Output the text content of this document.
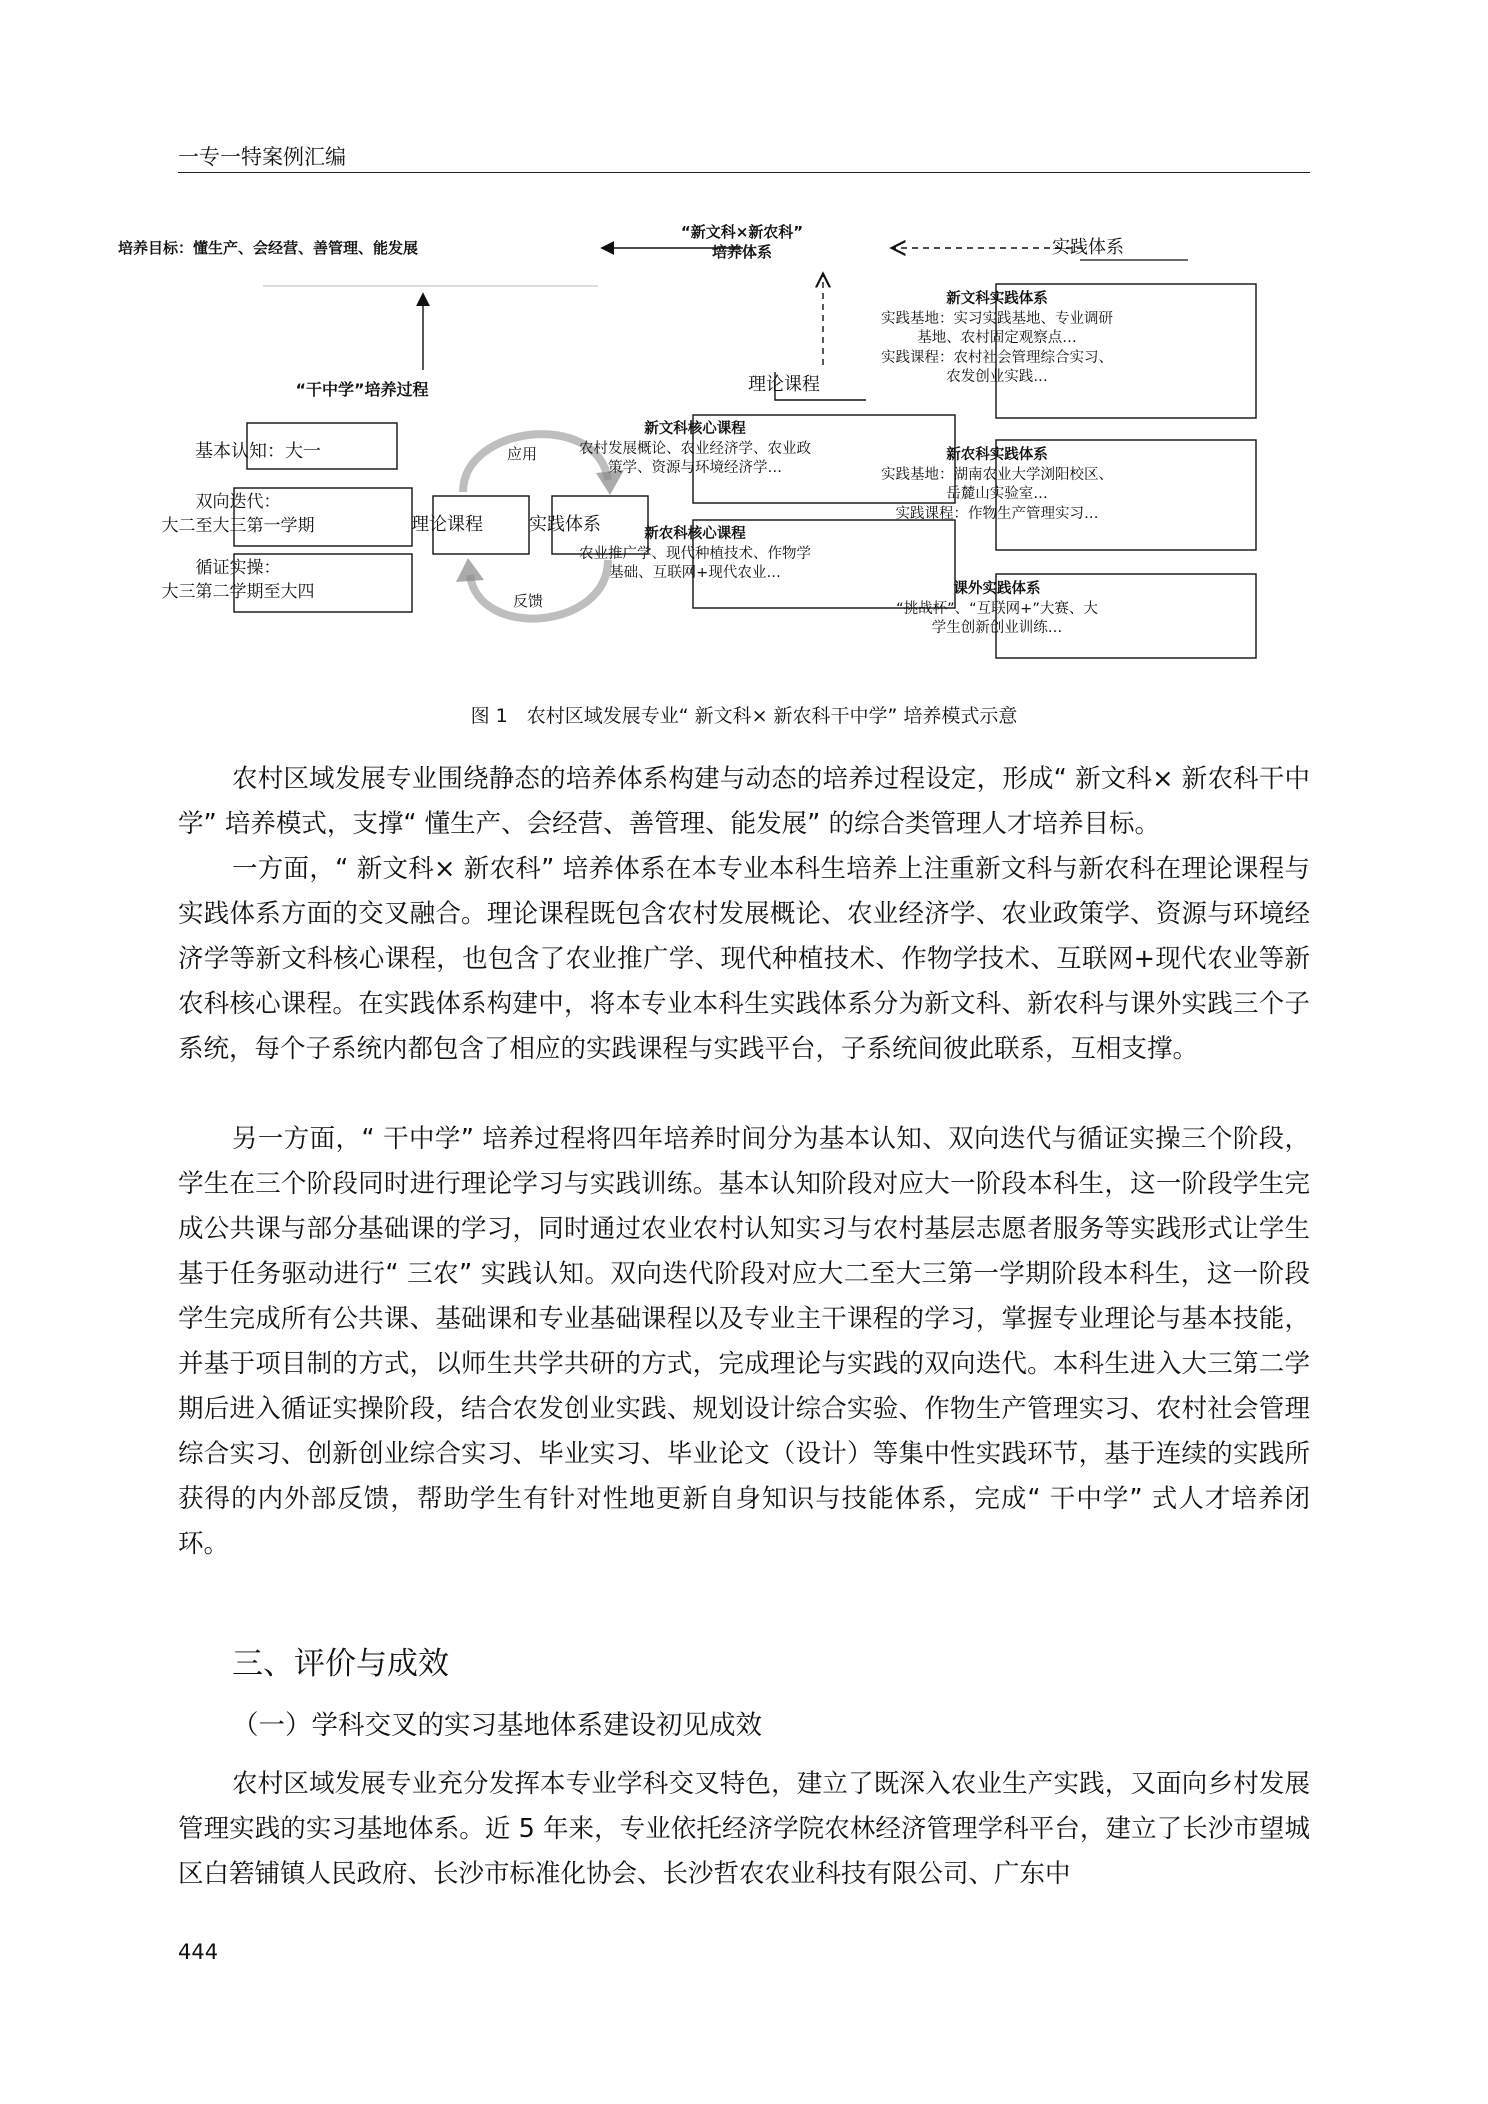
一专一特案例汇编
培养目标：懂生产、会经营、善管理、能发展
“新文科×新农科”
培养体系	实践体系
理论课程
“干中学”培养过程
基本认知：大一
双向迭代：
大二至大三第一学期
循证实操：
大三第二学期至大四
理论课程	实践体系
应用
反馈
新文科核心课程
农村发展概论、农业经济学、农业政
策学、资源与环境经济学…
新农科核心课程
农业推广学、现代种植技术、作物学
基础、互联网+现代农业…
新文科实践体系
实践基地：实习实践基地、专业调研
基地、农村固定观察点…
实践课程：农村社会管理综合实习、
农发创业实践…
新农科实践体系
实践基地：湖南农业大学浏阳校区、
岳麓山实验室…
实践课程：作物生产管理实习…
课外实践体系
“挑战杯”、“互联网+”大赛、大
学生创新创业训练…
图 1　农村区域发展专业“ 新文科× 新农科干中学” 培养模式示意

农村区域发展专业围绕静态的培养体系构建与动态的培养过程设定，形成“ 新文科× 新农科干中学” 培养模式，支撑“ 懂生产、会经营、善管理、能发展” 的综合类管理人才培养目标。

一方面，“ 新文科× 新农科” 培养体系在本专业本科生培养上注重新文科与新农科在理论课程与实践体系方面的交叉融合。理论课程既包含农村发展概论、农业经济学、农业政策学、资源与环境经济学等新文科核心课程，也包含了农业推广学、现代种植技术、作物学技术、互联网+现代农业等新农科核心课程。在实践体系构建中，将本专业本科生实践体系分为新文科、新农科与课外实践三个子系统，每个子系统内都包含了相应的实践课程与实践平台，子系统间彼此联系，互相支撑。

另一方面，“ 干中学” 培养过程将四年培养时间分为基本认知、双向迭代与循证实操三个阶段，学生在三个阶段同时进行理论学习与实践训练。基本认知阶段对应大一阶段本科生，这一阶段学生完成公共课与部分基础课的学习，同时通过农业农村认知实习与农村基层志愿者服务等实践形式让学生基于任务驱动进行“ 三农” 实践认知。双向迭代阶段对应大二至大三第一学期阶段本科生，这一阶段学生完成所有公共课、基础课和专业基础课程以及专业主干课程的学习，掌握专业理论与基本技能，并基于项目制的方式，以师生共学共研的方式，完成理论与实践的双向迭代。本科生进入大三第二学期后进入循证实操阶段，结合农发创业实践、规划设计综合实验、作物生产管理实习、农村社会管理综合实习、创新创业综合实习、毕业实习、毕业论文（设计）等集中性实践环节，基于连续的实践所获得的内外部反馈，帮助学生有针对性地更新自身知识与技能体系，完成“ 干中学” 式人才培养闭环。

三、评价与成效
（一）学科交叉的实习基地体系建设初见成效

农村区域发展专业充分发挥本专业学科交叉特色，建立了既深入农业生产实践，又面向乡村发展管理实践的实习基地体系。近 5 年来，专业依托经济学院农林经济管理学科平台，建立了长沙市望城区白箬铺镇人民政府、长沙市标准化协会、长沙哲农农业科技有限公司、广东中

444
